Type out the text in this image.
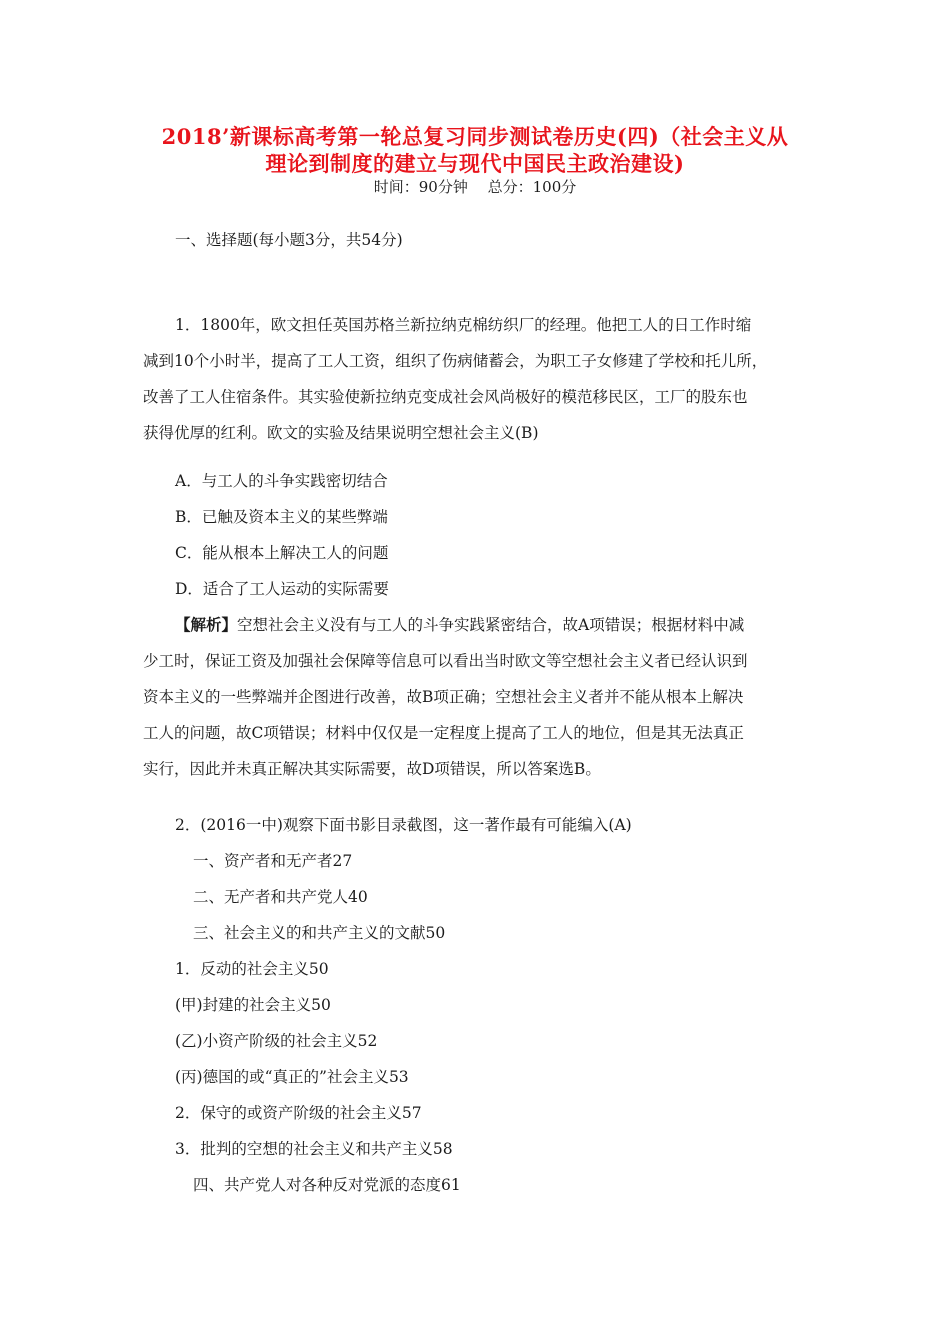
2018’新课标高考第一轮总复习同步测试卷历史(四)（社会主义从
理论到制度的建立与现代中国民主政治建设)
时间：90分钟　 总分：100分
一、选择题(每小题3分，共54分)
1．1800年，欧文担任英国苏格兰新拉纳克棉纺织厂的经理。他把工人的日工作时缩
减到10个小时半，提高了工人工资，组织了伤病储蓄会，为职工子女修建了学校和托儿所，
改善了工人住宿条件。其实验使新拉纳克变成社会风尚极好的模范移民区，工厂的股东也
获得优厚的红利。欧文的实验及结果说明空想社会主义(B)
A．与工人的斗争实践密切结合
B．已触及资本主义的某些弊端
C．能从根本上解决工人的问题
D．适合了工人运动的实际需要
【解析】空想社会主义没有与工人的斗争实践紧密结合，故A项错误；根据材料中减
少工时，保证工资及加强社会保障等信息可以看出当时欧文等空想社会主义者已经认识到
资本主义的一些弊端并企图进行改善，故B项正确；空想社会主义者并不能从根本上解决
工人的问题，故C项错误；材料中仅仅是一定程度上提高了工人的地位，但是其无法真正
实行，因此并未真正解决其实际需要，故D项错误，所以答案选B。
2．(2016一中)观察下面书影目录截图，这一著作最有可能编入(A)
一、资产者和无产者27
二、无产者和共产党人40
三、社会主义的和共产主义的文献50
1．反动的社会主义50
(甲)封建的社会主义50
(乙)小资产阶级的社会主义52
(丙)德国的或“真正的”社会主义53
2．保守的或资产阶级的社会主义57
3．批判的空想的社会主义和共产主义58
四、共产党人对各种反对党派的态度61
